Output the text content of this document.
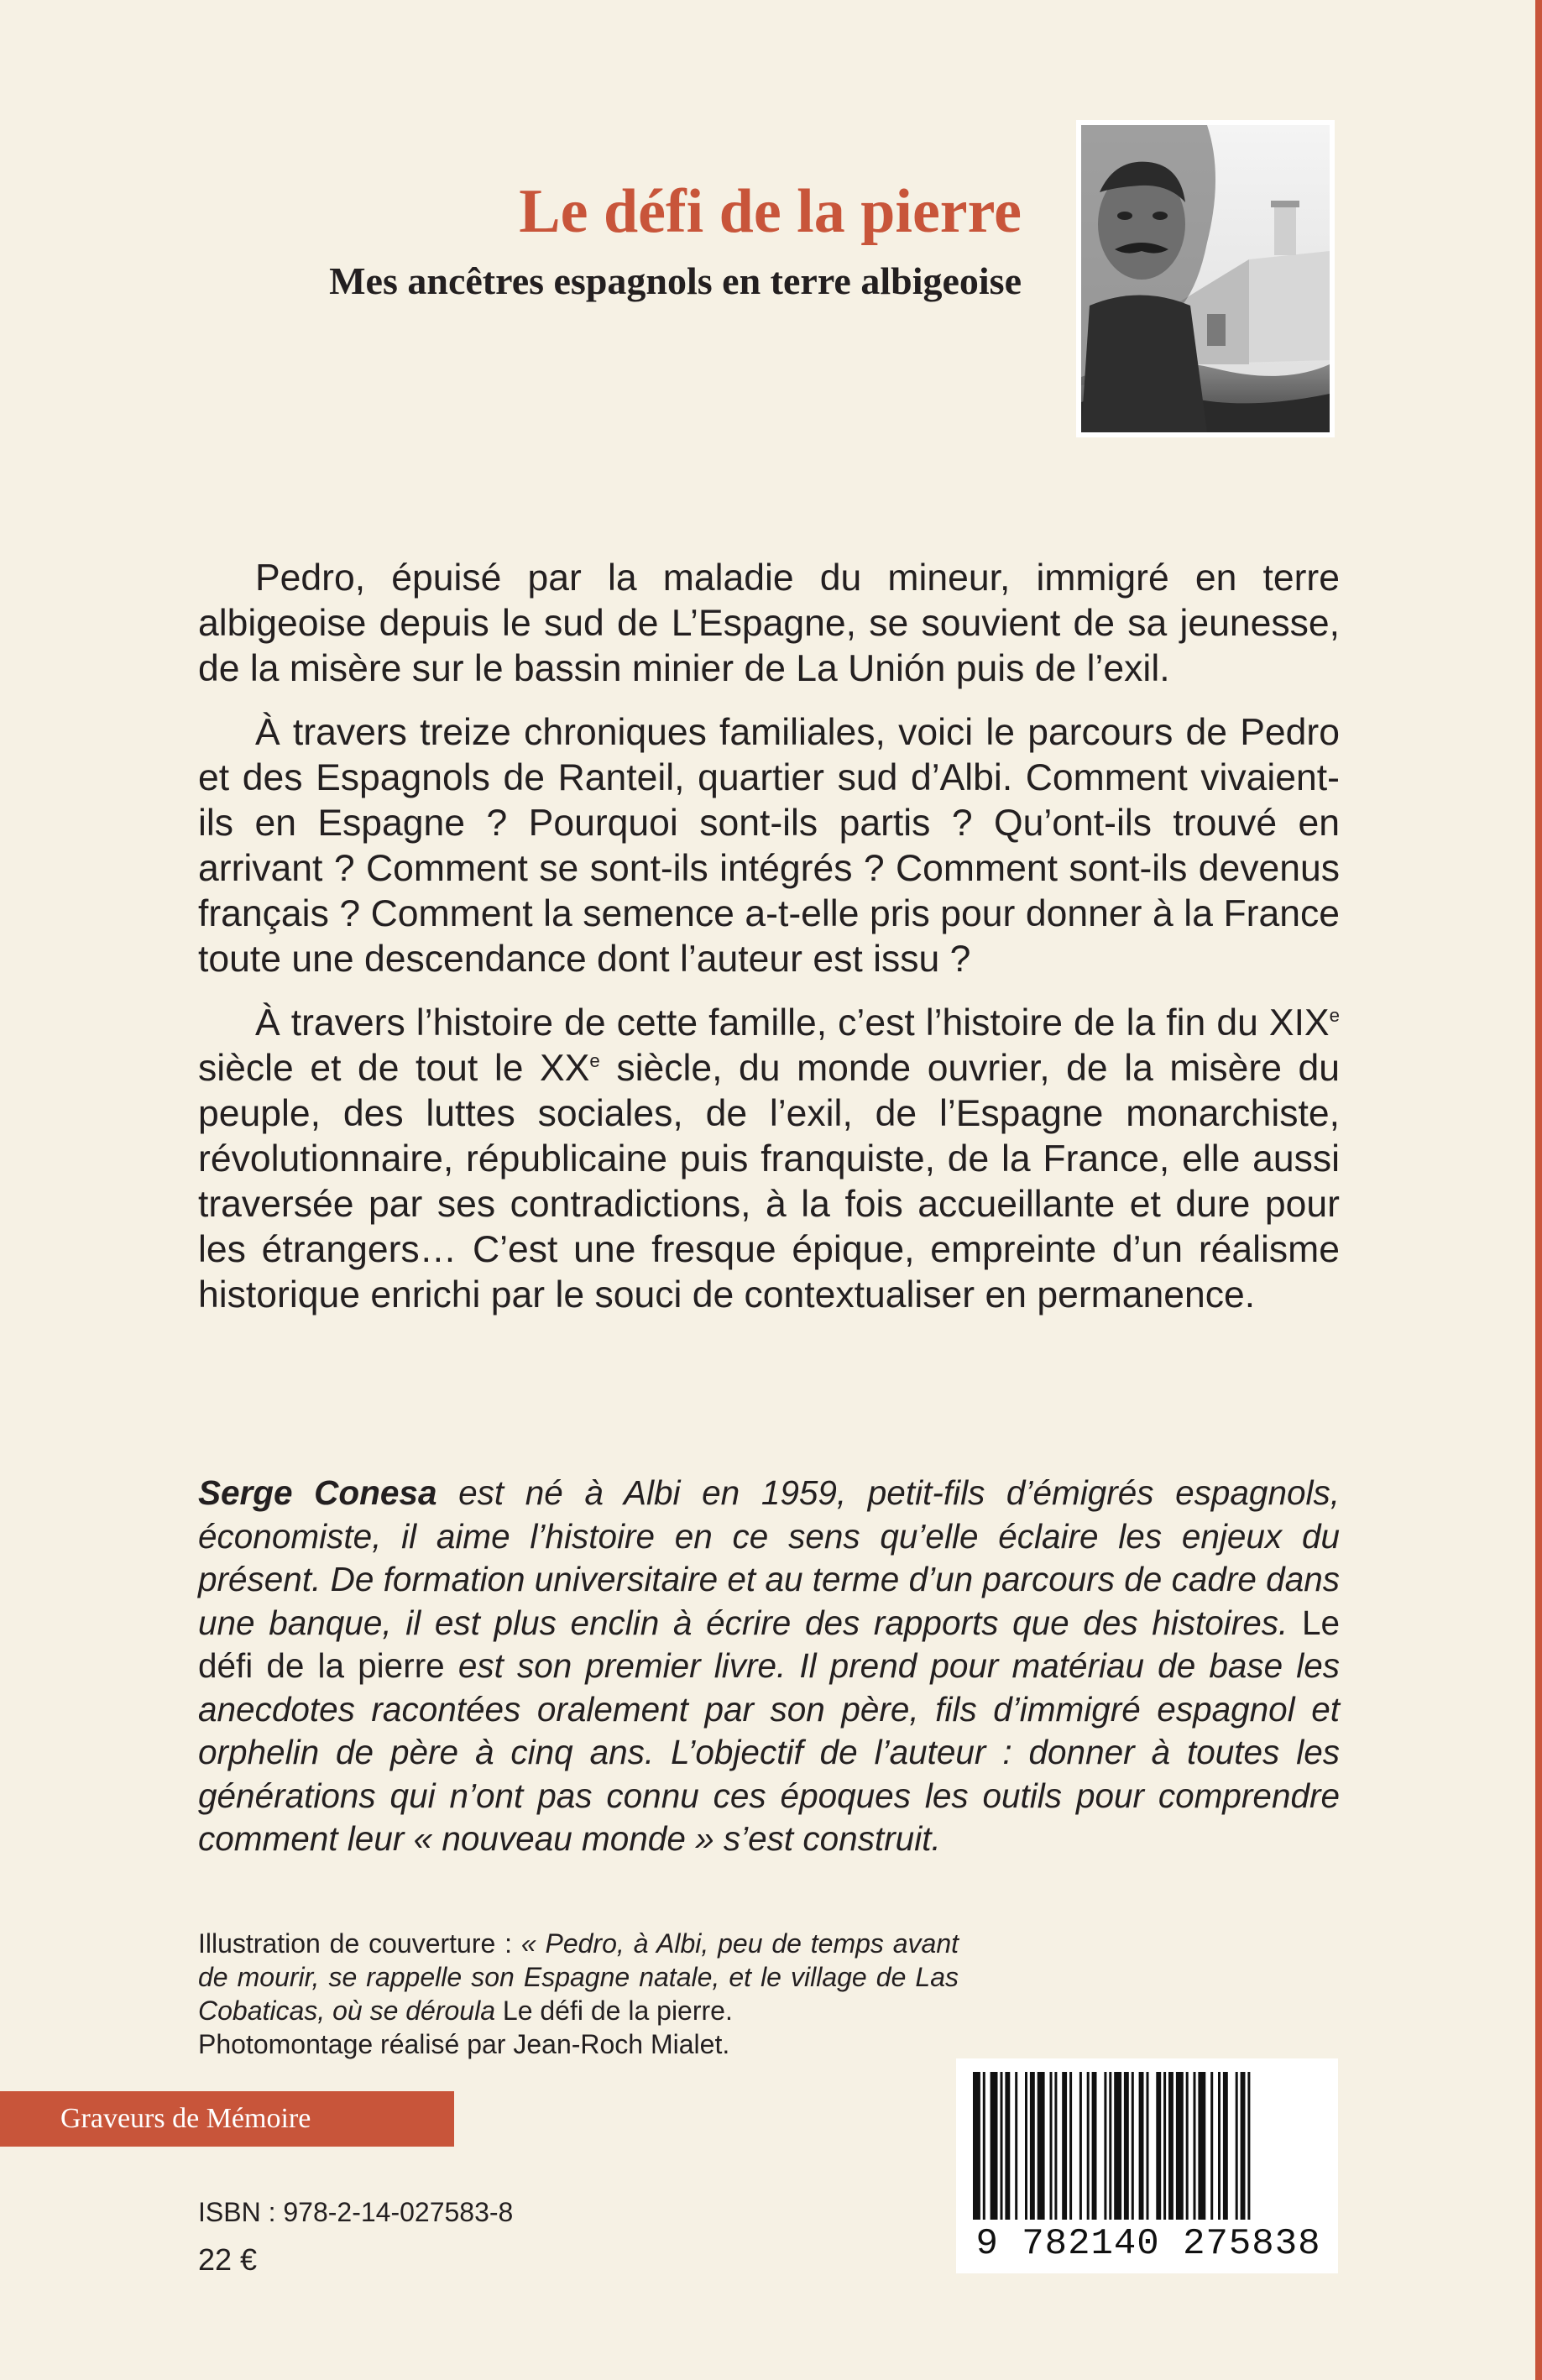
Le défi de la pierre
Mes ancêtres espagnols en terre albigeoise

Pedro, épuisé par la maladie du mineur, immigré en terre albigeoise depuis le sud de L’Espagne, se souvient de sa jeunesse, de la misère sur le bassin minier de La Unión puis de l’exil.

À travers treize chroniques familiales, voici le parcours de Pedro et des Espagnols de Ranteil, quartier sud d’Albi. Comment vivaient-ils en Espagne ? Pourquoi sont-ils partis ? Qu’ont-ils trouvé en arrivant ? Comment se sont-ils intégrés ? Comment sont-ils devenus français ? Comment la semence a-t-elle pris pour donner à la France toute une descendance dont l’auteur est issu ?

À travers l’histoire de cette famille, c’est l’histoire de la fin du XIXe siècle et de tout le XXe siècle, du monde ouvrier, de la misère du peuple, des luttes sociales, de l’exil, de l’Espagne monarchiste, révolutionnaire, républicaine puis franquiste, de la France, elle aussi traversée par ses contradictions, à la fois accueillante et dure pour les étrangers… C’est une fresque épique, empreinte d’un réalisme historique enrichi par le souci de contextualiser en permanence.

Serge Conesa est né à Albi en 1959, petit-fils d’émigrés espagnols, économiste, il aime l’histoire en ce sens qu’elle éclaire les enjeux du présent. De formation universitaire et au terme d’un parcours de cadre dans une banque, il est plus enclin à écrire des rapports que des histoires. Le défi de la pierre est son premier livre. Il prend pour matériau de base les anecdotes racontées oralement par son père, fils d’immigré espagnol et orphelin de père à cinq ans. L’objectif de l’auteur : donner à toutes les générations qui n’ont pas connu ces époques les outils pour comprendre comment leur « nouveau monde » s’est construit.

Illustration de couverture : « Pedro, à Albi, peu de temps avant de mourir, se rappelle son Espagne natale, et le village de Las Cobaticas, où se déroula Le défi de la pierre.
Photomontage réalisé par Jean-Roch Mialet.

Graveurs de Mémoire
ISBN : 978-2-14-027583-8
22 €	9 782140 275838
